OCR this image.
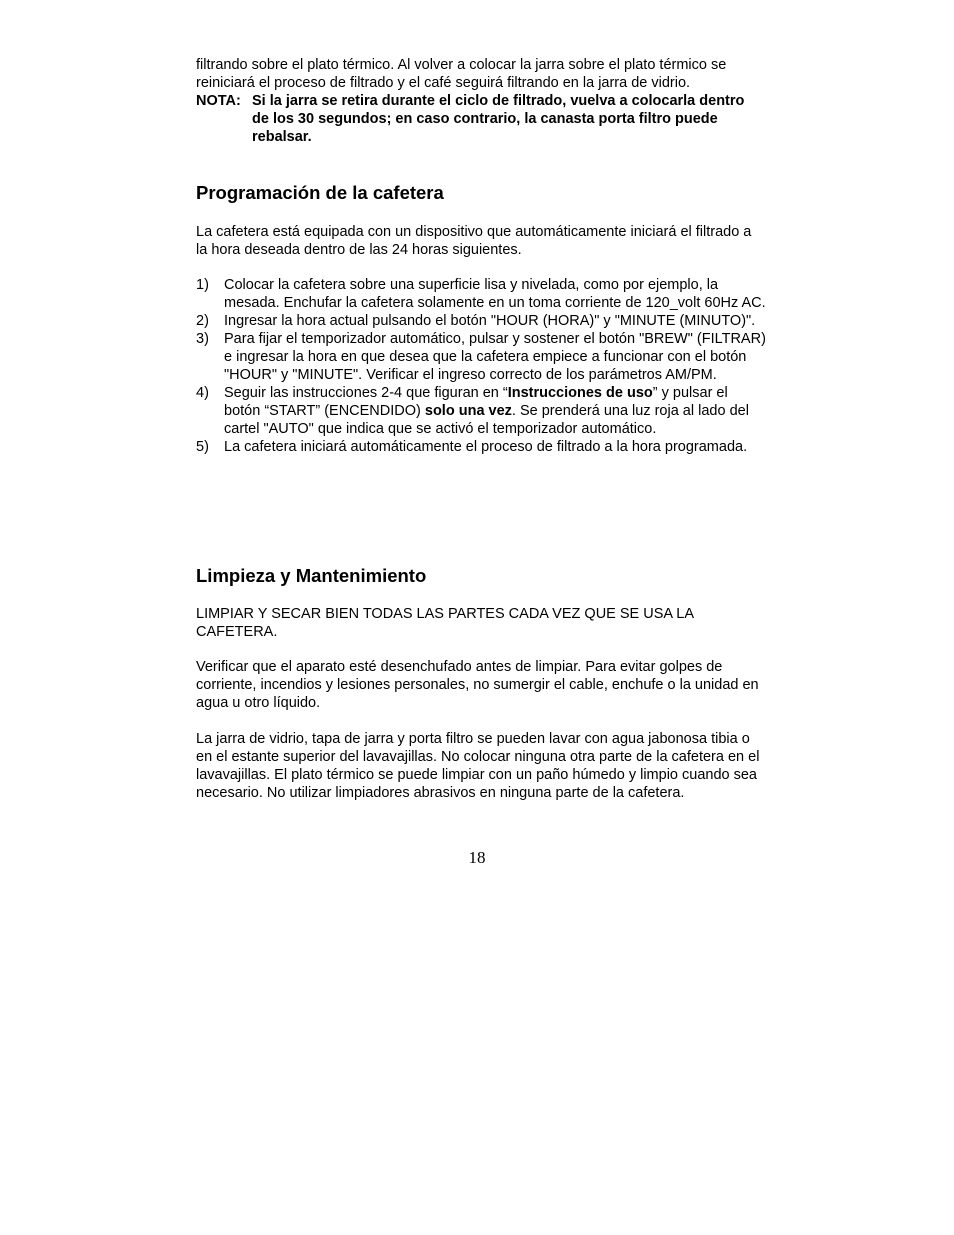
filtrando sobre el plato térmico. Al volver a colocar la jarra sobre el plato térmico se reiniciará el proceso de filtrado y el café seguirá filtrando en la jarra de vidrio.

NOTA: Si la jarra se retira durante el ciclo de filtrado, vuelva a colocarla dentro de los 30 segundos; en caso contrario, la canasta porta filtro puede rebalsar.
Programación de la cafetera

La cafetera está equipada con un dispositivo que automáticamente iniciará el filtrado a la hora deseada dentro de las 24 horas siguientes.

1) Colocar la cafetera sobre una superficie lisa y nivelada, como por ejemplo, la mesada. Enchufar la cafetera solamente en un toma corriente de 120_volt 60Hz AC.
2) Ingresar la hora actual pulsando el botón "HOUR (HORA)" y "MINUTE (MINUTO)".
3) Para fijar el temporizador automático, pulsar y sostener el botón "BREW" (FILTRAR) e ingresar la hora en que desea que la cafetera empiece a funcionar con el botón "HOUR" y "MINUTE". Verificar el ingreso correcto de los parámetros AM/PM.
4) Seguir las instrucciones 2-4 que figuran en “Instrucciones de uso” y pulsar el botón “START” (ENCENDIDO) solo una vez. Se prenderá una luz roja al lado del cartel "AUTO" que indica que se activó el temporizador automático.
5) La cafetera iniciará automáticamente el proceso de filtrado a la hora programada.
Limpieza y Mantenimiento

LIMPIAR Y SECAR BIEN TODAS LAS PARTES CADA VEZ QUE SE USA LA CAFETERA.

Verificar que el aparato esté desenchufado antes de limpiar. Para evitar golpes de corriente, incendios y lesiones personales, no sumergir el cable, enchufe o la unidad en agua u otro líquido.

La jarra de vidrio, tapa de jarra y porta filtro se pueden lavar con agua jabonosa tibia o en el estante superior del lavavajillas. No colocar ninguna otra parte de la cafetera en el lavavajillas. El plato térmico se puede limpiar con un paño húmedo y limpio cuando sea necesario. No utilizar limpiadores abrasivos en ninguna parte de la cafetera.

18
